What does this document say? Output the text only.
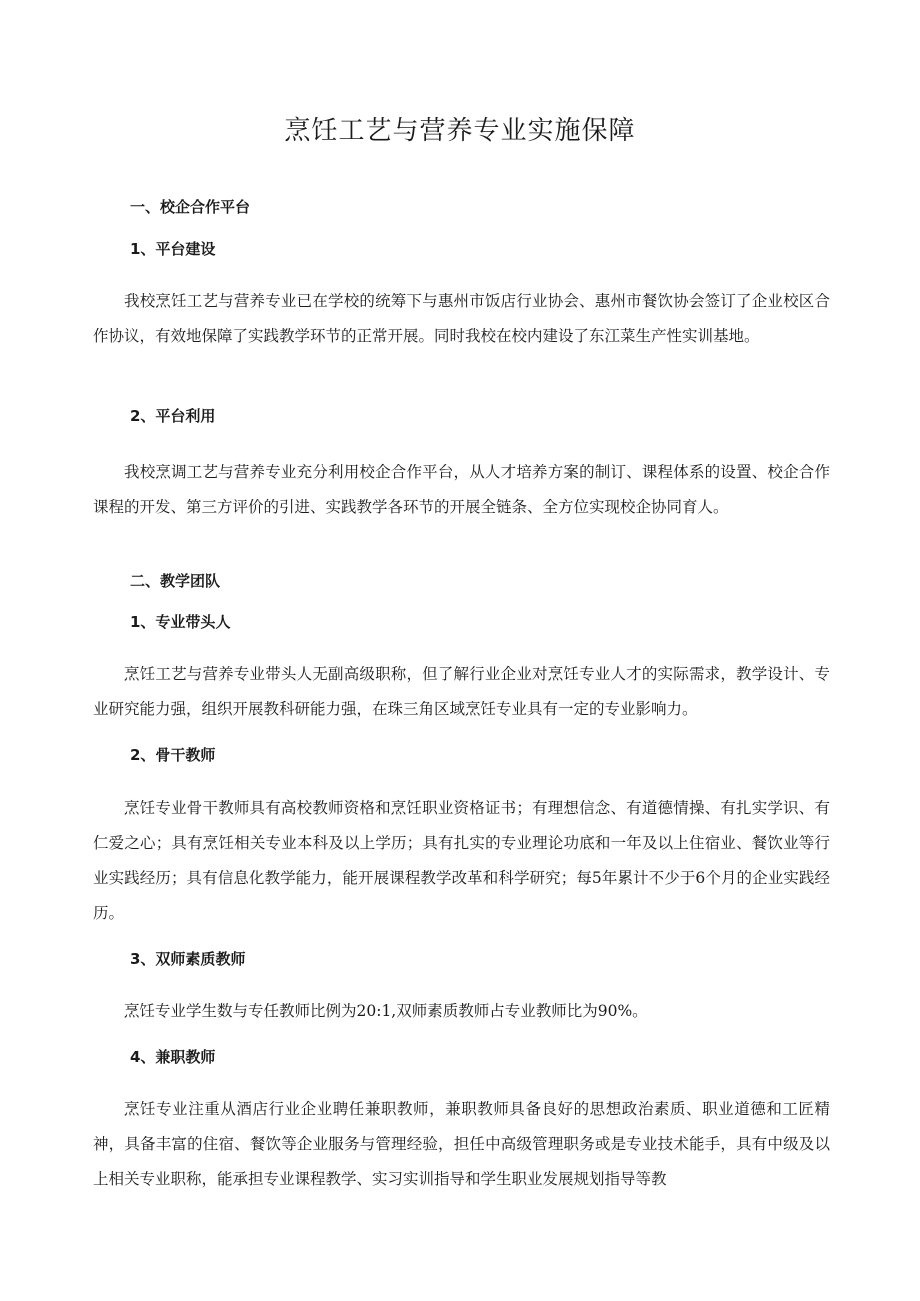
烹饪工艺与营养专业实施保障
一、校企合作平台
1、平台建设

我校烹饪工艺与营养专业已在学校的统筹下与惠州市饭店行业协会、惠州市餐饮协会签订了企业校区合作协议，有效地保障了实践教学环节的正常开展。同时我校在校内建设了东江菜生产性实训基地。

2、平台利用

我校烹调工艺与营养专业充分利用校企合作平台，从人才培养方案的制订、课程体系的设置、校企合作课程的开发、第三方评价的引进、实践教学各环节的开展全链条、全方位实现校企协同育人。

二、教学团队
1、专业带头人

烹饪工艺与营养专业带头人无副高级职称，但了解行业企业对烹饪专业人才的实际需求，教学设计、专业研究能力强，组织开展教科研能力强，在珠三角区域烹饪专业具有一定的专业影响力。

2、骨干教师

烹饪专业骨干教师具有高校教师资格和烹饪职业资格证书；有理想信念、有道德情操、有扎实学识、有仁爱之心；具有烹饪相关专业本科及以上学历；具有扎实的专业理论功底和一年及以上住宿业、餐饮业等行业实践经历；具有信息化教学能力，能开展课程教学改革和科学研究；每5年累计不少于6个月的企业实践经历。

3、双师素质教师

烹饪专业学生数与专任教师比例为20:1,双师素质教师占专业教师比为90%。

4、兼职教师

烹饪专业注重从酒店行业企业聘任兼职教师，兼职教师具备良好的思想政治素质、职业道德和工匠精神，具备丰富的住宿、餐饮等企业服务与管理经验，担任中高级管理职务或是专业技术能手，具有中级及以上相关专业职称，能承担专业课程教学、实习实训指导和学生职业发展规划指导等教
